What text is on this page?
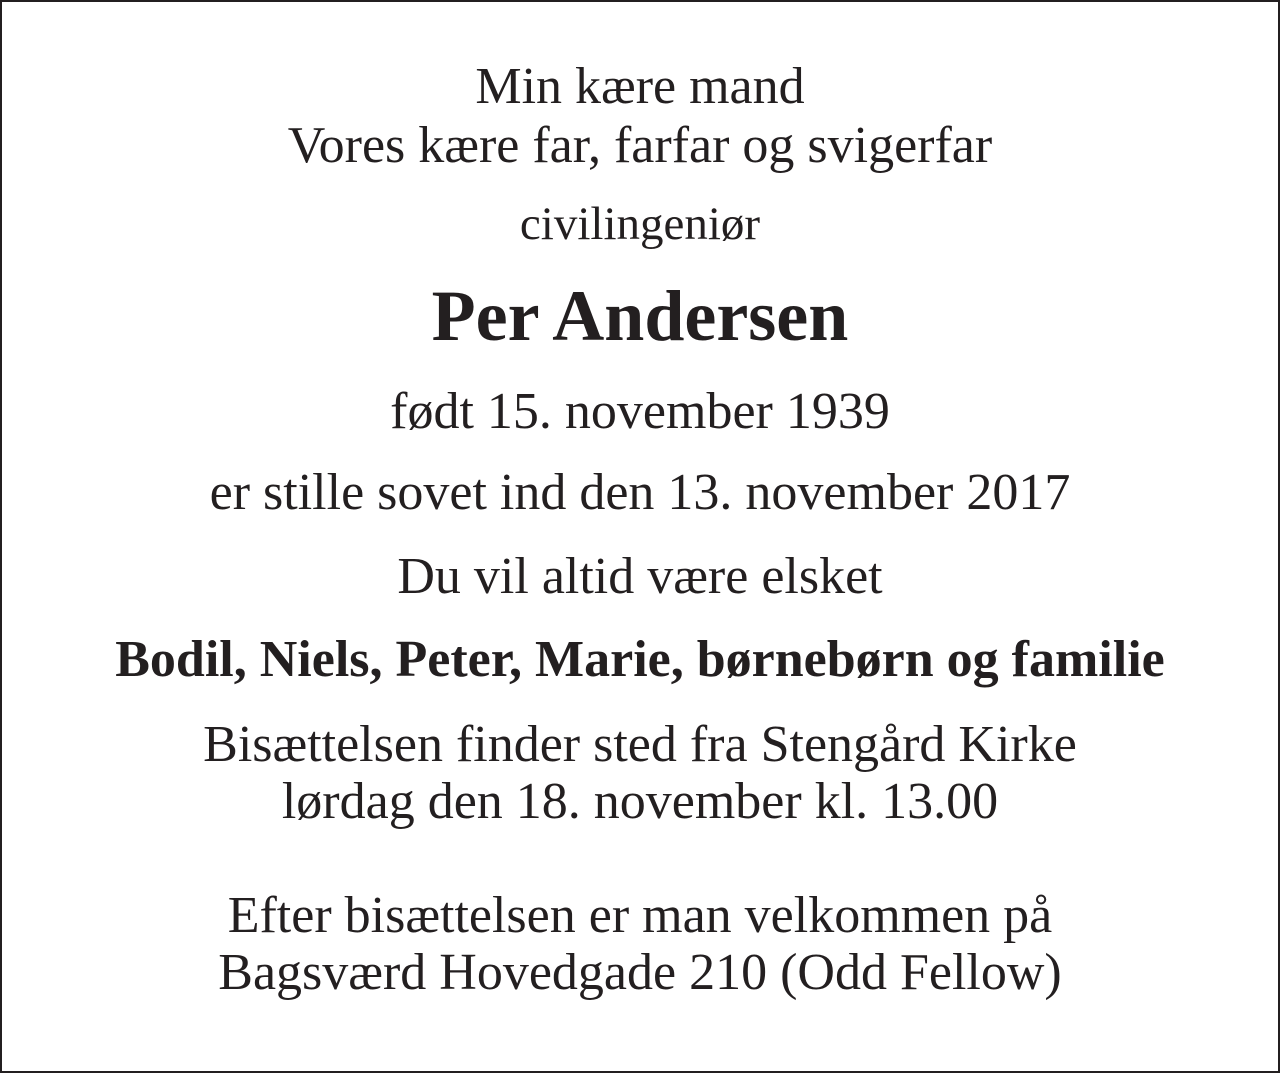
Min kære mand
Vores kære far, farfar og svigerfar
civilingeniør
Per Andersen
født 15. november 1939
er stille sovet ind den 13. november 2017
Du vil altid være elsket
Bodil, Niels, Peter, Marie, børnebørn og familie
Bisættelsen finder sted fra Stengård Kirke
lørdag den 18. november kl. 13.00
Efter bisættelsen er man velkommen på
Bagsværd Hovedgade 210 (Odd Fellow)
